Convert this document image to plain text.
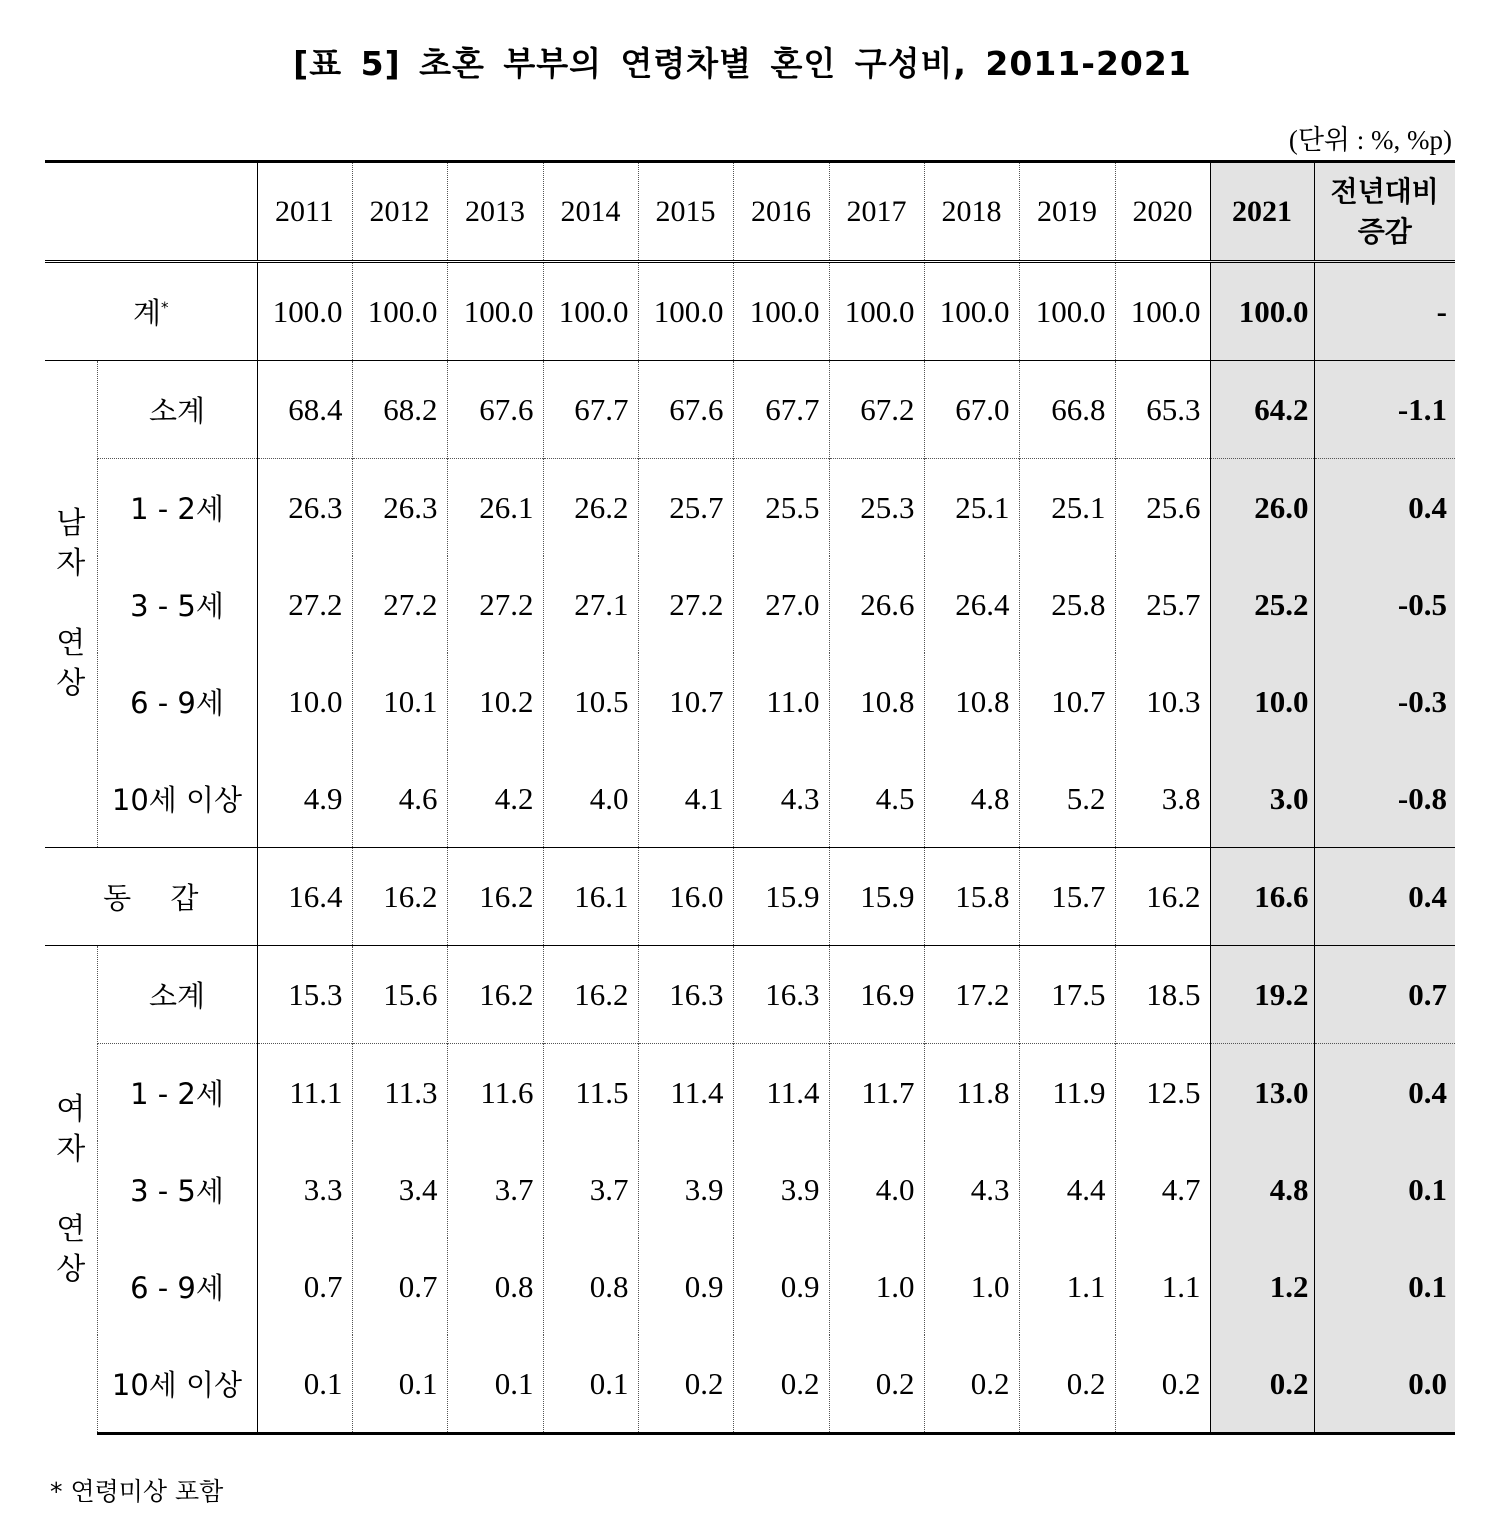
[표 5] 초혼 부부의 연령차별 혼인 구성비, 2011-2021
(단위 : %, %p)
		2011	2012	2013	2014	2015	2016	2017	2018	2019	2020	2021	전년대비
증감

계*		100.0	100.0	100.0	100.0	100.0	100.0	100.0	100.0	100.0	100.0	100.0	-

남
자
연
상	소계	68.4	68.2	67.6	67.7	67.6	67.7	67.2	67.0	66.8	65.3	64.2	-1.1
	1 - 2세	26.3	26.3	26.1	26.2	25.7	25.5	25.3	25.1	25.1	25.6	26.0	0.4
	3 - 5세	27.2	27.2	27.2	27.1	27.2	27.0	26.6	26.4	25.8	25.7	25.2	-0.5
	6 - 9세	10.0	10.1	10.2	10.5	10.7	11.0	10.8	10.8	10.7	10.3	10.0	-0.3
	10세 이상	4.9	4.6	4.2	4.0	4.1	4.3	4.5	4.8	5.2	3.8	3.0	-0.8
동 갑		16.4	16.2	16.2	16.1	16.0	15.9	15.9	15.8	15.7	16.2	16.6	0.4

여
자
연
상	소계	15.3	15.6	16.2	16.2	16.3	16.3	16.9	17.2	17.5	18.5	19.2	0.7
	1 - 2세	11.1	11.3	11.6	11.5	11.4	11.4	11.7	11.8	11.9	12.5	13.0	0.4
	3 - 5세	3.3	3.4	3.7	3.7	3.9	3.9	4.0	4.3	4.4	4.7	4.8	0.1
	6 - 9세	0.7	0.7	0.8	0.8	0.9	0.9	1.0	1.0	1.1	1.1	1.2	0.1
	10세 이상	0.1	0.1	0.1	0.1	0.2	0.2	0.2	0.2	0.2	0.2	0.2	0.0
* 연령미상 포함
